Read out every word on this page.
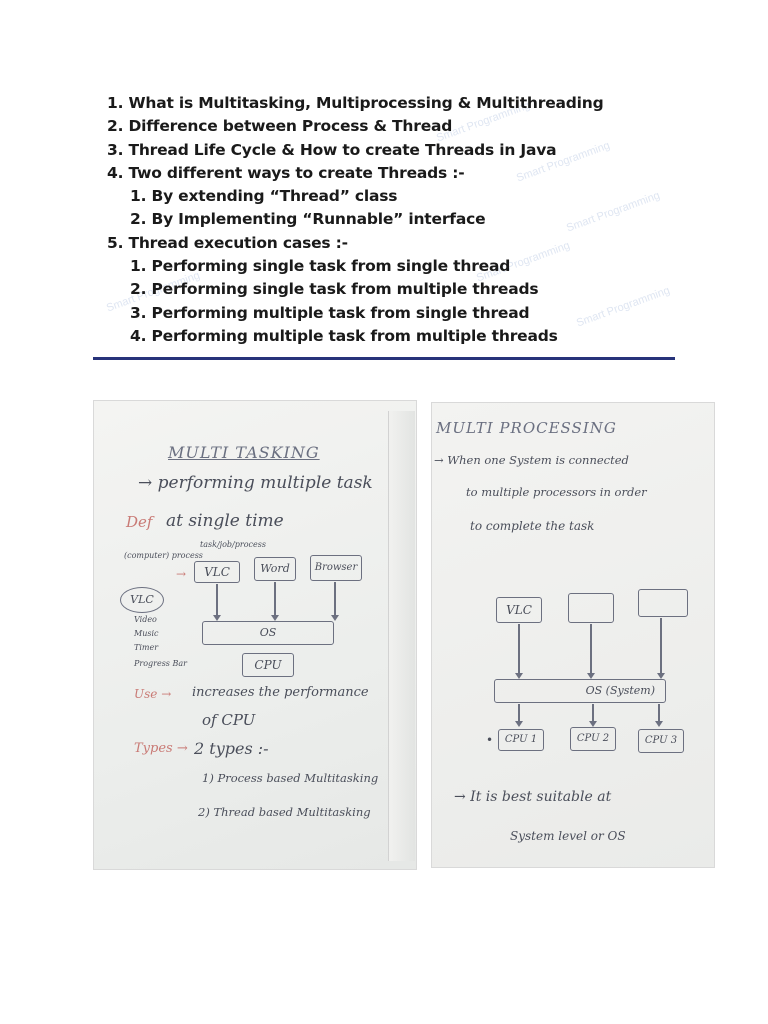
Smart Programming
Smart Programming
Smart Programming
Smart Programming
Smart Programming
Smart Programming
1. What is Multitasking, Multiprocessing & Multithreading
2. Difference between Process & Thread
3. Thread Life Cycle & How to create Threads in Java
4. Two different ways to create Threads :-
1. By extending “Thread” class
2. By Implementing “Runnable” interface
5. Thread execution cases :-
1. Performing single task from single thread
2. Performing single task from multiple threads
3. Performing multiple task from single thread
4. Performing multiple task from multiple threads
MULTI TASKING
→ performing multiple task
Def at single time
(computer) process
task/job/process
→	VLC	Word	Browser
VLC
OS
Video
Music
Timer
Progress Bar	CPU
Use → increases the performance
of CPU
Types → 2 types :-
1) Process based Multitasking
2) Thread based Multitasking
MULTI PROCESSING
→ When one System is connected
to multiple processors in order
to complete the task
VLC
OS (System)
•	CPU 1	CPU 2	CPU 3
→ It is best suitable at
System level or OS
